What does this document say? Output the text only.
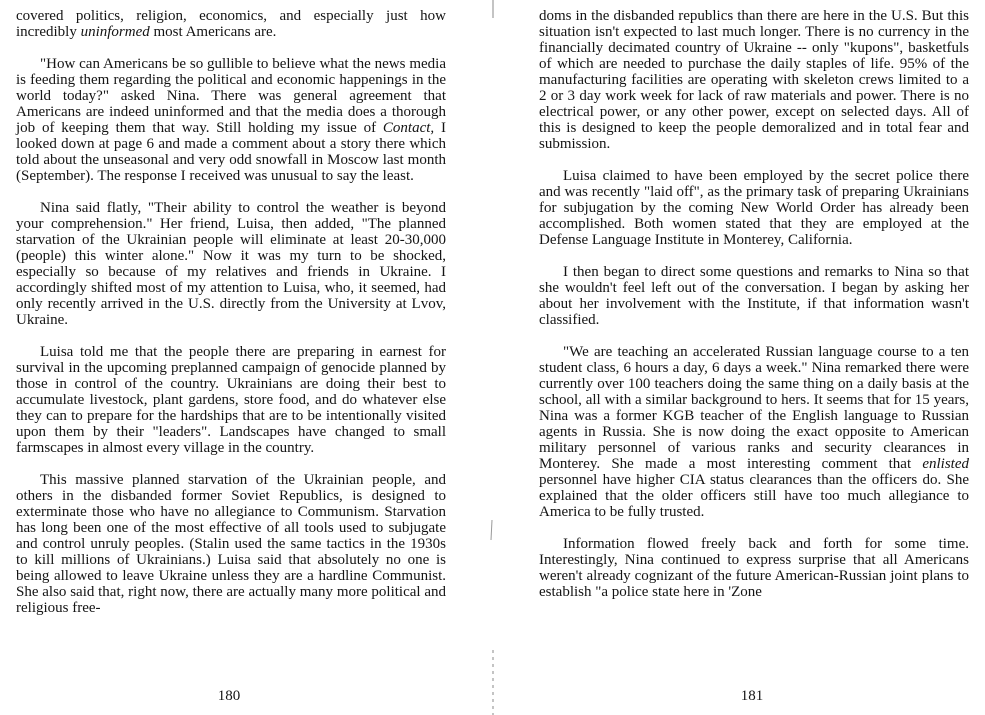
covered politics, religion, economics, and especially just how incredibly uninformed most Americans are.

"How can Americans be so gullible to believe what the news media is feeding them regarding the political and economic happenings in the world today?" asked Nina. There was general agreement that Americans are indeed uninformed and that the media does a thorough job of keeping them that way. Still holding my issue of Contact, I looked down at page 6 and made a comment about a story there which told about the unseasonal and very odd snowfall in Moscow last month (September). The response I received was unusual to say the least.

Nina said flatly, "Their ability to control the weather is beyond your comprehension." Her friend, Luisa, then added, "The planned starvation of the Ukrainian people will eliminate at least 20-30,000 (people) this winter alone." Now it was my turn to be shocked, especially so because of my relatives and friends in Ukraine. I accordingly shifted most of my attention to Luisa, who, it seemed, had only recently arrived in the U.S. directly from the University at Lvov, Ukraine.

Luisa told me that the people there are preparing in earnest for survival in the upcoming preplanned campaign of genocide planned by those in control of the country. Ukrainians are doing their best to accumulate livestock, plant gardens, store food, and do whatever else they can to prepare for the hardships that are to be intentionally visited upon them by their "leaders". Landscapes have changed to small farmscapes in almost every village in the country.

This massive planned starvation of the Ukrainian people, and others in the disbanded former Soviet Republics, is designed to exterminate those who have no allegiance to Communism. Starvation has long been one of the most effective of all tools used to subjugate and control unruly peoples. (Stalin used the same tactics in the 1930s to kill millions of Ukrainians.) Luisa said that absolutely no one is being allowed to leave Ukraine unless they are a hardline Communist. She also said that, right now, there are actually many more political and religious free-

doms in the disbanded republics than there are here in the U.S. But this situation isn't expected to last much longer. There is no currency in the financially decimated country of Ukraine -- only "kupons", basketfuls of which are needed to purchase the daily staples of life. 95% of the manufacturing facilities are operating with skeleton crews limited to a 2 or 3 day work week for lack of raw materials and power. There is no electrical power, or any other power, except on selected days. All of this is designed to keep the people demoralized and in total fear and submission.

Luisa claimed to have been employed by the secret police there and was recently "laid off", as the primary task of preparing Ukrainians for subjugation by the coming New World Order has already been accomplished. Both women stated that they are employed at the Defense Language Institute in Monterey, California.

I then began to direct some questions and remarks to Nina so that she wouldn't feel left out of the conversation. I began by asking her about her involvement with the Institute, if that information wasn't classified.

"We are teaching an accelerated Russian language course to a ten student class, 6 hours a day, 6 days a week." Nina remarked there were currently over 100 teachers doing the same thing on a daily basis at the school, all with a similar background to hers. It seems that for 15 years, Nina was a former KGB teacher of the English language to Russian agents in Russia. She is now doing the exact opposite to American military personnel of various ranks and security clearances in Monterey. She made a most interesting comment that enlisted personnel have higher CIA status clearances than the officers do. She explained that the older officers still have too much allegiance to America to be fully trusted.

Information flowed freely back and forth for some time. Interestingly, Nina continued to express surprise that all Americans weren't already cognizant of the future American-Russian joint plans to establish "a police state here in 'Zone

180	181
